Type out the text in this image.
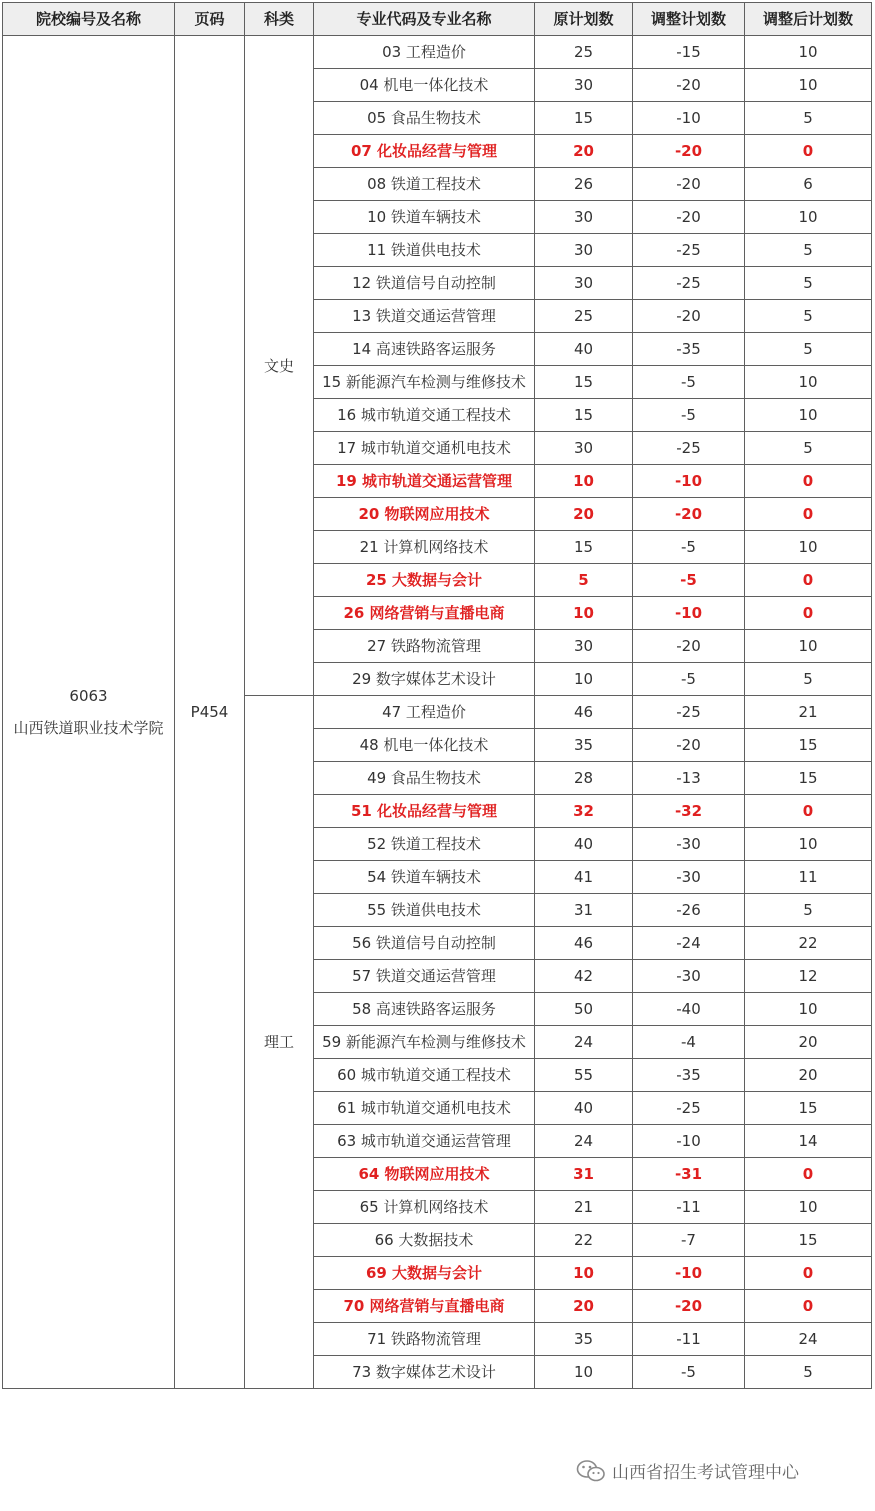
院校编号及名称	页码	科类	专业代码及专业名称	原计划数	调整计划数	调整后计划数

6063
山西铁道职业技术学院	P454	文史	03 工程造价	25	-15	10
			04 机电一体化技术	30	-20	10
			05 食品生物技术	15	-10	5
			07 化妆品经营与管理	20	-20	0
			08 铁道工程技术	26	-20	6
			10 铁道车辆技术	30	-20	10
			11 铁道供电技术	30	-25	5
			12 铁道信号自动控制	30	-25	5
			13 铁道交通运营管理	25	-20	5
			14 高速铁路客运服务	40	-35	5
			15 新能源汽车检测与维修技术	15	-5	10
			16 城市轨道交通工程技术	15	-5	10
			17 城市轨道交通机电技术	30	-25	5
			19 城市轨道交通运营管理	10	-10	0
			20 物联网应用技术	20	-20	0
			21 计算机网络技术	15	-5	10
			25 大数据与会计	5	-5	0
			26 网络营销与直播电商	10	-10	0
			27 铁路物流管理	30	-20	10
			29 数字媒体艺术设计	10	-5	5
		理工	47 工程造价	46	-25	21
			48 机电一体化技术	35	-20	15
			49 食品生物技术	28	-13	15
			51 化妆品经营与管理	32	-32	0
			52 铁道工程技术	40	-30	10
			54 铁道车辆技术	41	-30	11
			55 铁道供电技术	31	-26	5
			56 铁道信号自动控制	46	-24	22
			57 铁道交通运营管理	42	-30	12
			58 高速铁路客运服务	50	-40	10
			59 新能源汽车检测与维修技术	24	-4	20
			60 城市轨道交通工程技术	55	-35	20
			61 城市轨道交通机电技术	40	-25	15
			63 城市轨道交通运营管理	24	-10	14
			64 物联网应用技术	31	-31	0
			65 计算机网络技术	21	-11	10
			66 大数据技术	22	-7	15
			69 大数据与会计	10	-10	0
			70 网络营销与直播电商	20	-20	0
			71 铁路物流管理	35	-11	24
			73 数字媒体艺术设计	10	-5	5
山西省招生考试管理中心
